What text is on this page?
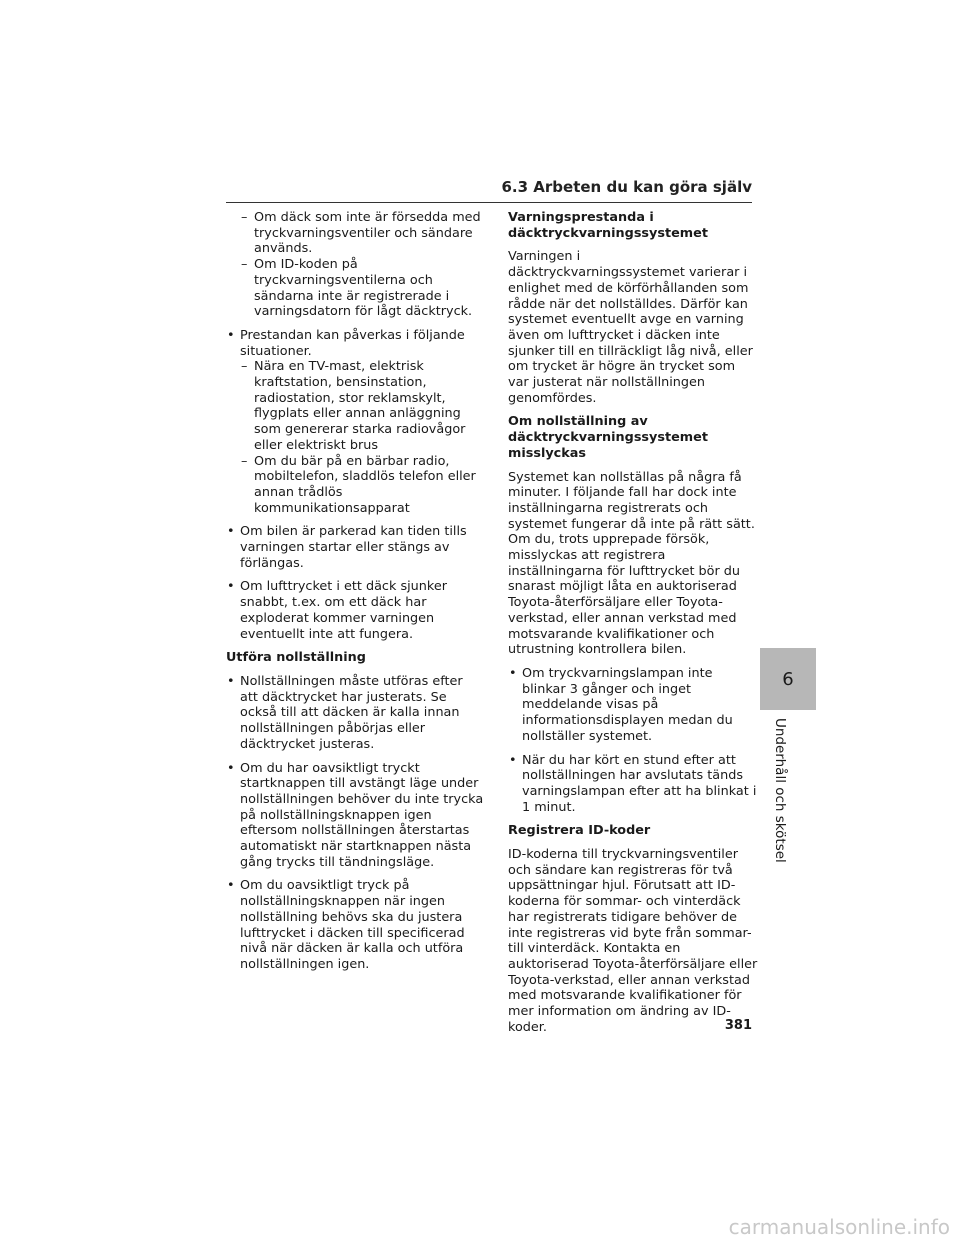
6.3 Arbeten du kan göra själv
– Om däck som inte är försedda med tryckvarningsventiler och sändare används.
– Om ID-koden på tryckvarningsventilerna och sändarna inte är registrerade i varningsdatorn för lågt däcktryck.
• Prestandan kan påverkas i följande situationer.
– Nära en TV-mast, elektrisk kraftstation, bensinstation, radiostation, stor reklamskylt, flygplats eller annan anläggning som genererar starka radiovågor eller elektriskt brus
– Om du bär på en bärbar radio, mobiltelefon, sladdlös telefon eller annan trådlös kommunikationsapparat
• Om bilen är parkerad kan tiden tills varningen startar eller stängs av förlängas.
• Om lufttrycket i ett däck sjunker snabbt, t.ex. om ett däck har exploderat kommer varningen eventuellt inte att fungera.
Utföra nollställning
• Nollställningen måste utföras efter att däcktrycket har justerats. Se också till att däcken är kalla innan nollställningen påbörjas eller däcktrycket justeras.
• Om du har oavsiktligt tryckt startknappen till avstängt läge under nollställningen behöver du inte trycka på nollställningsknappen igen eftersom nollställningen återstartas automatiskt när startknappen nästa gång trycks till tändningsläge.
• Om du oavsiktligt tryck på nollställningsknappen när ingen nollställning behövs ska du justera lufttrycket i däcken till specificerad nivå när däcken är kalla och utföra nollställningen igen.
Varningsprestanda i däcktryckvarningssystemet

Varningen i däcktryckvarningssystemet varierar i enlighet med de körförhållanden som rådde när det nollställdes. Därför kan systemet eventuellt avge en varning även om lufttrycket i däcken inte sjunker till en tillräckligt låg nivå, eller om trycket är högre än trycket som var justerat när nollställningen genomfördes.

Om nollställning av däcktryckvarningssystemet misslyckas

Systemet kan nollställas på några få minuter. I följande fall har dock inte inställningarna registrerats och systemet fungerar då inte på rätt sätt. Om du, trots upprepade försök, misslyckas att registrera inställningarna för lufttrycket bör du snarast möjligt låta en auktoriserad Toyota-återförsäljare eller Toyota-verkstad, eller annan verkstad med motsvarande kvalifikationer och utrustning kontrollera bilen.

• Om tryckvarningslampan inte blinkar 3 gånger och inget meddelande visas på informationsdisplayen medan du nollställer systemet.
• När du har kört en stund efter att nollställningen har avslutats tänds varningslampan efter att ha blinkat i 1 minut.
Registrera ID-koder

ID-koderna till tryckvarningsventiler och sändare kan registreras för två uppsättningar hjul. Förutsatt att ID-koderna för sommar- och vinterdäck har registrerats tidigare behöver de inte registreras vid byte från sommar- till vinterdäck. Kontakta en auktoriserad Toyota-återförsäljare eller Toyota-verkstad, eller annan verkstad med motsvarande kvalifikationer för mer information om ändring av ID-koder.

6
Underhåll och skötsel
381
carmanualsonline.info
